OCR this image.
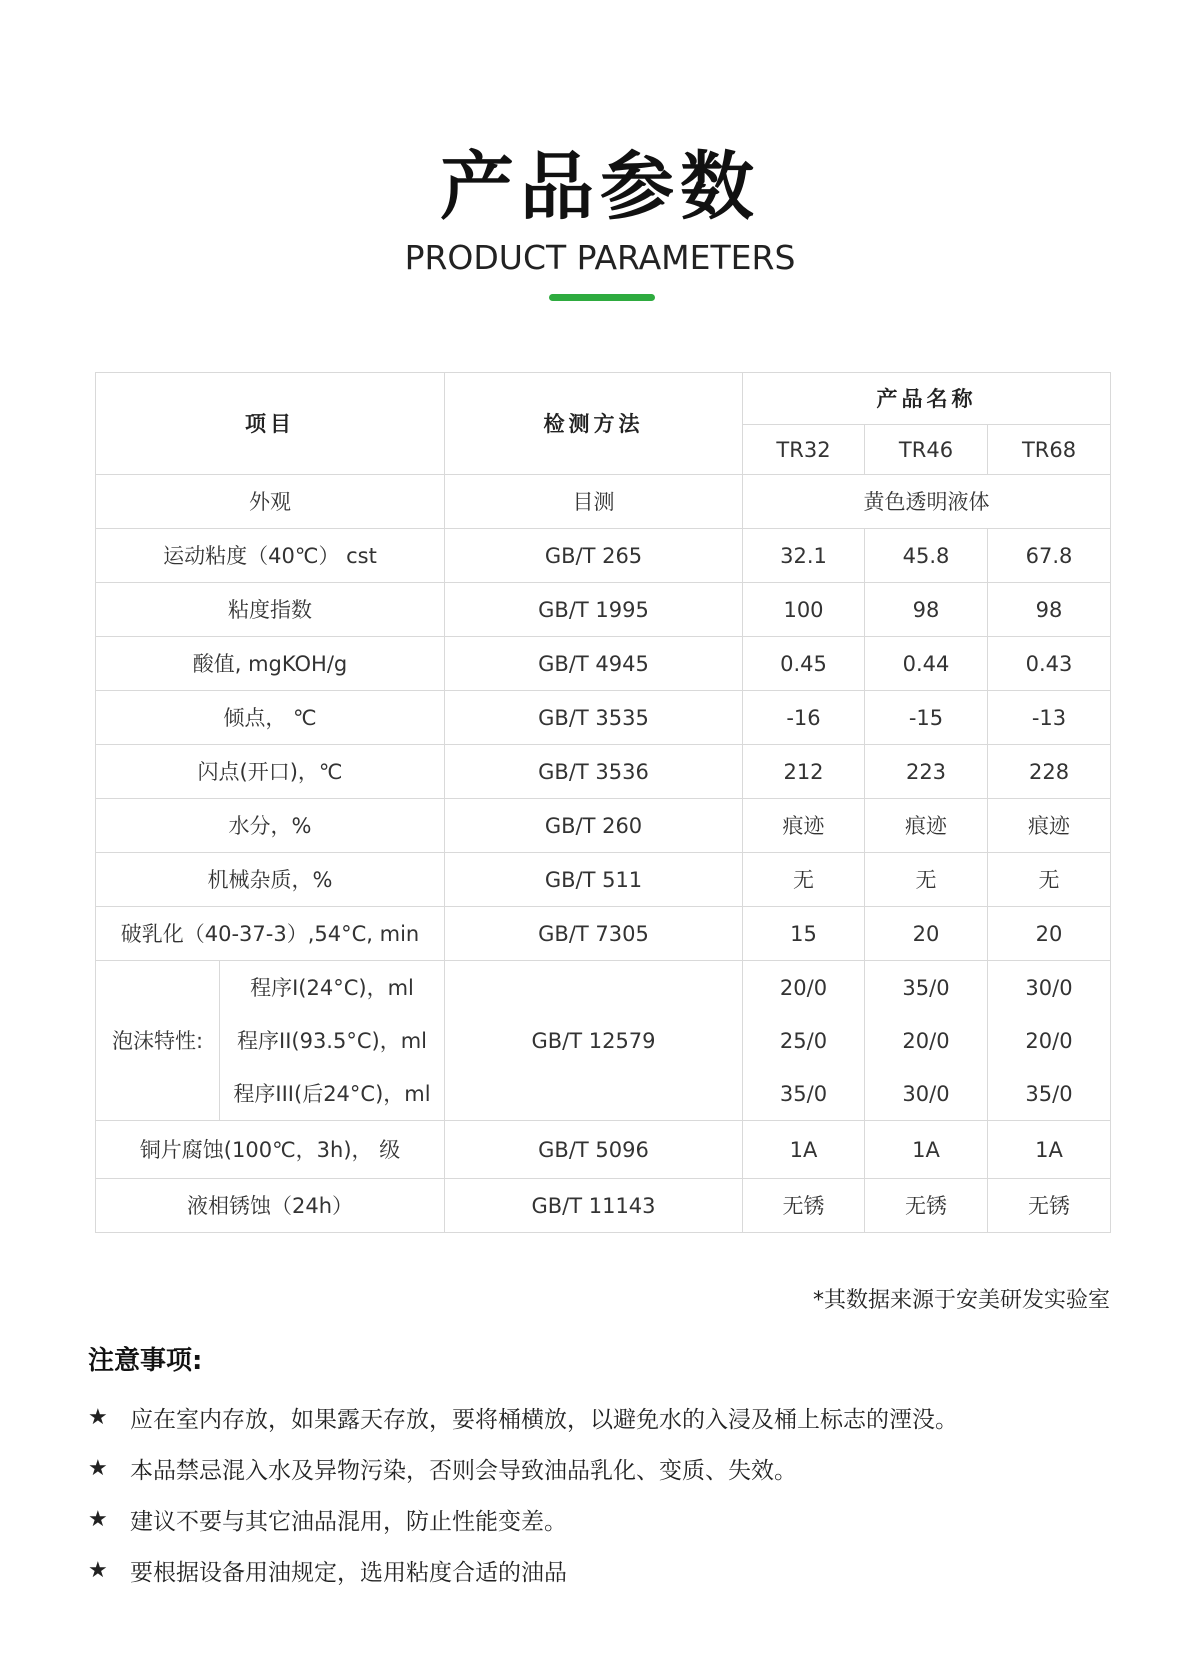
产品参数
PRODUCT PARAMETERS
项目		检测方法	产品名称		
			TR32	TR46	TR68
外观		目测	黄色透明液体		
运动粘度（40℃） cst		GB/T 265	32.1	45.8	67.8
粘度指数		GB/T 1995	100	98	98
酸值, mgKOH/g		GB/T 4945	0.45	0.44	0.43
倾点， ℃		GB/T 3535	-16	-15	-13
闪点(开口)，℃		GB/T 3536	212	223	228
水分，%		GB/T 260	痕迹	痕迹	痕迹
机械杂质，%		GB/T 511	无	无	无
破乳化（40-37-3）,54°C, min		GB/T 7305	15	20	20
泡沫特性:	程序I(24°C)，ml	GB/T 12579	20/0	35/0	30/0
	程序II(93.5°C)，ml		25/0	20/0	20/0
	程序III(后24°C)，ml		35/0	30/0	35/0
铜片腐蚀(100℃，3h)， 级		GB/T 5096	1A	1A	1A
液相锈蚀（24h）		GB/T 11143	无锈	无锈	无锈
*其数据来源于安美研发实验室
注意事项:
★ 应在室内存放，如果露天存放，要将桶横放，以避免水的入浸及桶上标志的湮没。
★ 本品禁忌混入水及异物污染，否则会导致油品乳化、变质、失效。
★ 建议不要与其它油品混用，防止性能变差。
★ 要根据设备用油规定，选用粘度合适的油品
